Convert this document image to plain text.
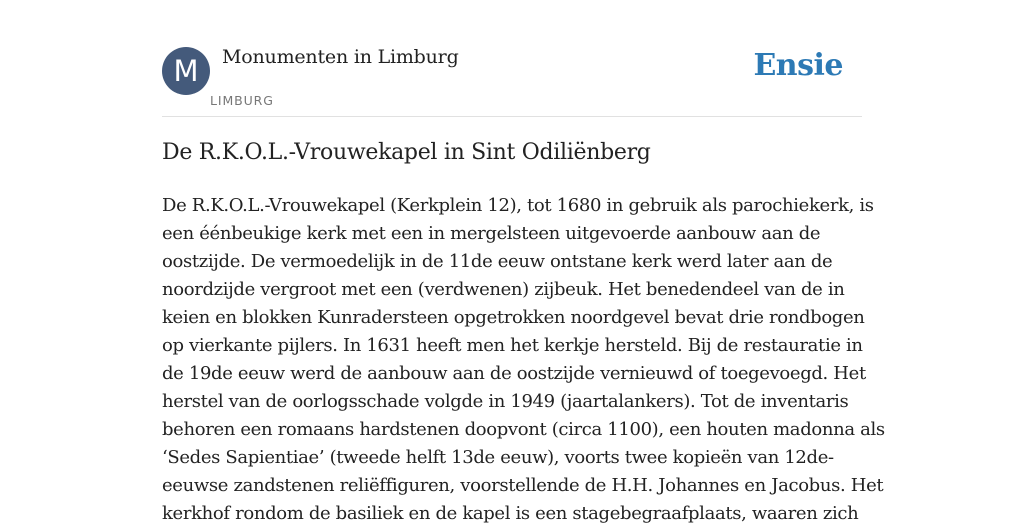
M	Monumenten in Limburg
LIMBURG
Ensie
De R.K.O.L.-Vrouwekapel in Sint Odiliënberg

De R.K.O.L.-Vrouwekapel (Kerkplein 12), tot 1680 in gebruik als parochiekerk, is
een éénbeukige kerk met een in mergelsteen uitgevoerde aanbouw aan de
oostzijde. De vermoedelijk in de 11de eeuw ontstane kerk werd later aan de
noordzijde vergroot met een (verdwenen) zijbeuk. Het benedendeel van de in
keien en blokken Kunradersteen opgetrokken noordgevel bevat drie rondbogen
op vierkante pijlers. In 1631 heeft men het kerkje hersteld. Bij de restauratie in
de 19de eeuw werd de aanbouw aan de oostzijde vernieuwd of toegevoegd. Het
herstel van de oorlogsschade volgde in 1949 (jaartalankers). Tot de inventaris
behoren een romaans hardstenen doopvont (circa 1100), een houten madonna als
‘Sedes Sapientiae’ (tweede helft 13de eeuw), voorts twee kopieën van 12de-
eeuwse zandstenen reliëffiguren, voorstellende de H.H. Johannes en Jacobus. Het
kerkhof rondom de basiliek en de kapel is een stagebegraafplaats, waaren zich
